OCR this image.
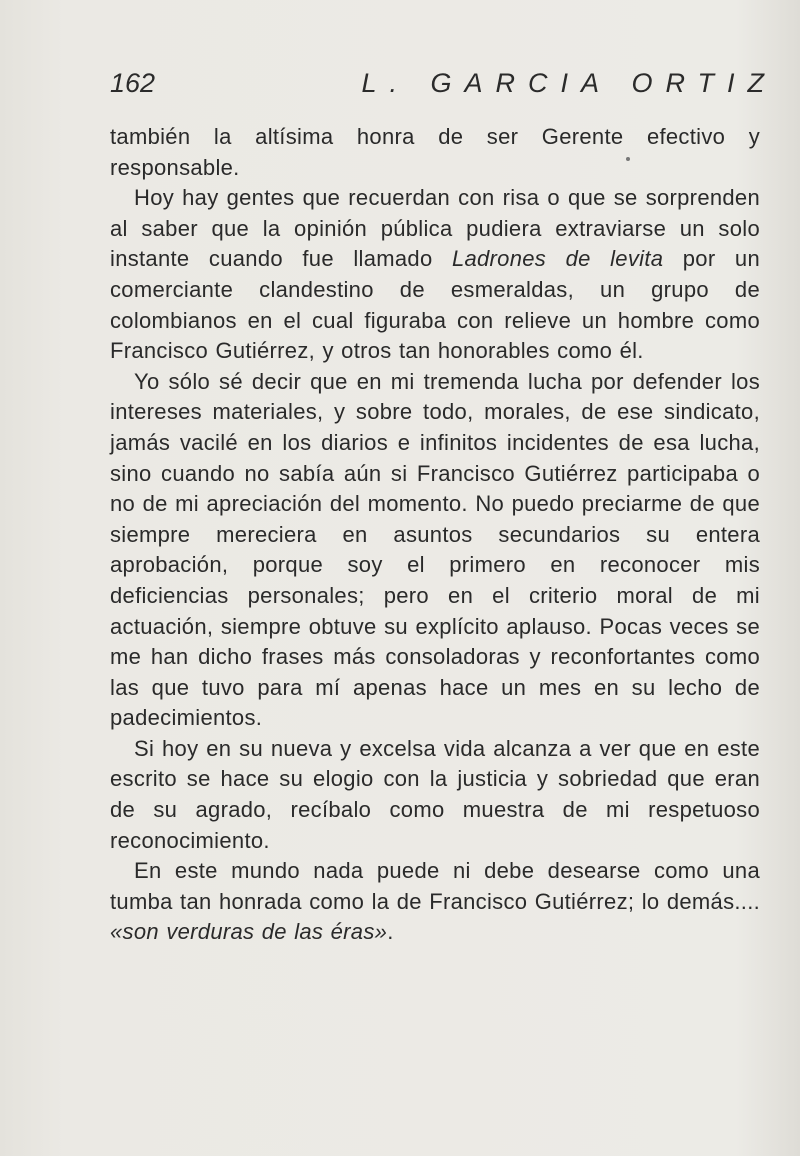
162	L. GARCIA ORTIZ

también la altísima honra de ser Gerente efectivo y responsable.

Hoy hay gentes que recuerdan con risa o que se sorprenden al saber que la opinión pública pudiera extraviarse un solo instante cuando fue llamado Ladrones de levita por un comerciante clandestino de esmeraldas, un grupo de colombianos en el cual figuraba con relieve un hombre como Francisco Gutiérrez, y otros tan honorables como él.

Yo sólo sé decir que en mi tremenda lucha por defender los intereses materiales, y sobre todo, morales, de ese sindicato, jamás vacilé en los diarios e infinitos incidentes de esa lucha, sino cuando no sabía aún si Francisco Gutiérrez participaba o no de mi apreciación del momento. No puedo preciarme de que siempre mereciera en asuntos secundarios su entera aprobación, porque soy el primero en reconocer mis deficiencias personales; pero en el criterio moral de mi actuación, siempre obtuve su explícito aplauso. Pocas veces se me han dicho frases más consoladoras y reconfortantes como las que tuvo para mí apenas hace un mes en su lecho de padecimientos.

Si hoy en su nueva y excelsa vida alcanza a ver que en este escrito se hace su elogio con la justicia y sobriedad que eran de su agrado, recíbalo como muestra de mi respetuoso reconocimiento.

En este mundo nada puede ni debe desearse como una tumba tan honrada como la de Francisco Gutiérrez; lo demás.... «son verduras de las éras».
